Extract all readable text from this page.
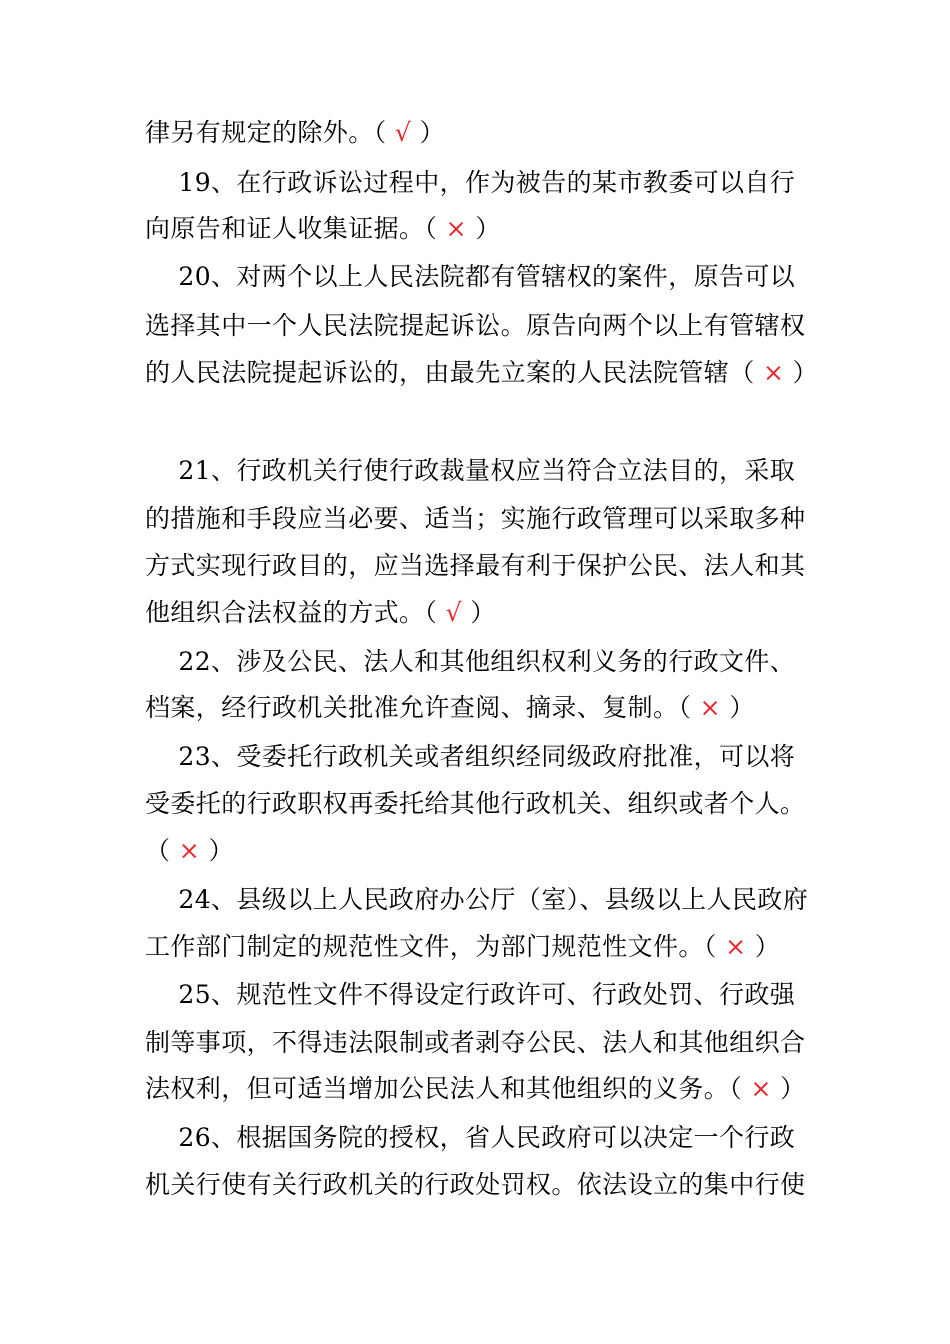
律另有规定的除外。（ √ ）
19、在行政诉讼过程中，作为被告的某市教委可以自行
向原告和证人收集证据。（ × ）
20、对两个以上人民法院都有管辖权的案件，原告可以
选择其中一个人民法院提起诉讼。原告向两个以上有管辖权
的人民法院提起诉讼的，由最先立案的人民法院管辖（ × ）
21、行政机关行使行政裁量权应当符合立法目的，采取
的措施和手段应当必要、适当；实施行政管理可以采取多种
方式实现行政目的，应当选择最有利于保护公民、法人和其
他组织合法权益的方式。（ √ ）
22、涉及公民、法人和其他组织权利义务的行政文件、
档案，经行政机关批准允许查阅、摘录、复制。（ × ）
23、受委托行政机关或者组织经同级政府批准，可以将
受委托的行政职权再委托给其他行政机关、组织或者个人。
（ × ）
24、县级以上人民政府办公厅（室）、县级以上人民政府
工作部门制定的规范性文件，为部门规范性文件。（ × ）
25、规范性文件不得设定行政许可、行政处罚、行政强
制等事项，不得违法限制或者剥夺公民、法人和其他组织合
法权利，但可适当增加公民法人和其他组织的义务。（ × ）
26、根据国务院的授权，省人民政府可以决定一个行政
机关行使有关行政机关的行政处罚权。依法设立的集中行使
